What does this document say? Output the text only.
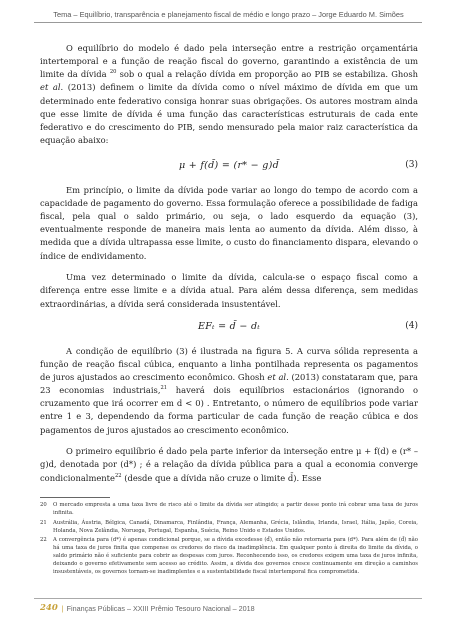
Tema – Equilíbrio, transparência e planejamento fiscal de médio e longo prazo – Jorge Eduardo M. Simões

O equilíbrio do modelo é dado pela interseção entre a restrição orçamentária intertemporal e a função de reação fiscal do governo, garantindo a existência de um limite da dívida $^{20}$ sob o qual a relação dívida em proporção ao PIB se estabiliza. Ghosh et al. (2013) definem o limite da dívida como o nível máximo de dívida em que um determinado ente federativo consiga honrar suas obrigações. Os autores mostram ainda que esse limite de dívida é uma função das características estruturais de cada ente federativo e do crescimento do PIB, sendo mensurado pela maior raiz característica da equação abaixo:

μ + f(d̄) = (r* − g)d̄	(3)

Em princípio, o limite da dívida pode variar ao longo do tempo de acordo com a capacidade de pagamento do governo. Essa formulação oferece a possibilidade de fadiga fiscal, pela qual o saldo primário, ou seja, o lado esquerdo da equação (3), eventualmente responde de maneira mais lenta ao aumento da dívida. Além disso, à medida que a dívida ultrapassa esse limite, o custo do financiamento dispara, elevando o índice de endividamento.

Uma vez determinado o limite da dívida, calcula-se o espaço fiscal como a diferença entre esse limite e a dívida atual. Para além dessa diferença, sem medidas extraordinárias, a dívida será considerada insustentável.

EFₜ = d̄ − dₜ	(4)

A condição de equilíbrio (3) é ilustrada na figura 5. A curva sólida representa a função de reação fiscal cúbica, enquanto a linha pontilhada representa os pagamentos de juros ajustados ao crescimento econômico. Ghosh et al. (2013) constataram que, para 23 economias industriais,$^{21}$ haverá dois equilíbrios estacionários (ignorando o cruzamento que irá ocorrer em d < 0) . Entretanto, o número de equilíbrios pode variar entre 1 e 3, dependendo da forma particular de cada função de reação cúbica e dos pagamentos de juros ajustados ao crescimento econômico.

O primeiro equilíbrio é dado pela parte inferior da interseção entre μ + f(d) e (r* – g)d, denotada por (d*) ; é a relação da dívida pública para a qual a economia converge condicionalmente$^{22}$ (desde que a dívida não cruze o limite d̄). Esse

20	O mercado empresta a uma taxa livre de risco até o limite da dívida ser atingido; a partir desse ponto irá cobrar uma taxa de juros infinita.
21	Austrália, Áustria, Bélgica, Canadá, Dinamarca, Finlândia, França, Alemanha, Grécia, Islândia, Irlanda, Israel, Itália, Japão, Coreia, Holanda, Nova Zelândia, Noruega, Portugal, Espanha, Suécia, Reino Unido e Estados Unidos.
22	A convergência para (d*) é apenas condicional porque, se a dívida excedesse (d̄), então não retornaria para (d*). Para além de (d̄) não há uma taxa de juros finita que compense os credores do risco da inadimplência. Em qualquer ponto à direita do limite da dívida, o saldo primário não é suficiente para cobrir as despesas com juros. Reconhecendo isso, os credores exigem uma taxa de juros infinita, deixando o governo efetivamente sem acesso ao crédito. Assim, a dívida dos governos cresce continuamente em direção a caminhos insustentáveis, os governos tornam-se inadimplentes e a sustentabilidade fiscal intertemporal fica comprometida.
240 | Finanças Públicas – XXIII Prêmio Tesouro Nacional – 2018
